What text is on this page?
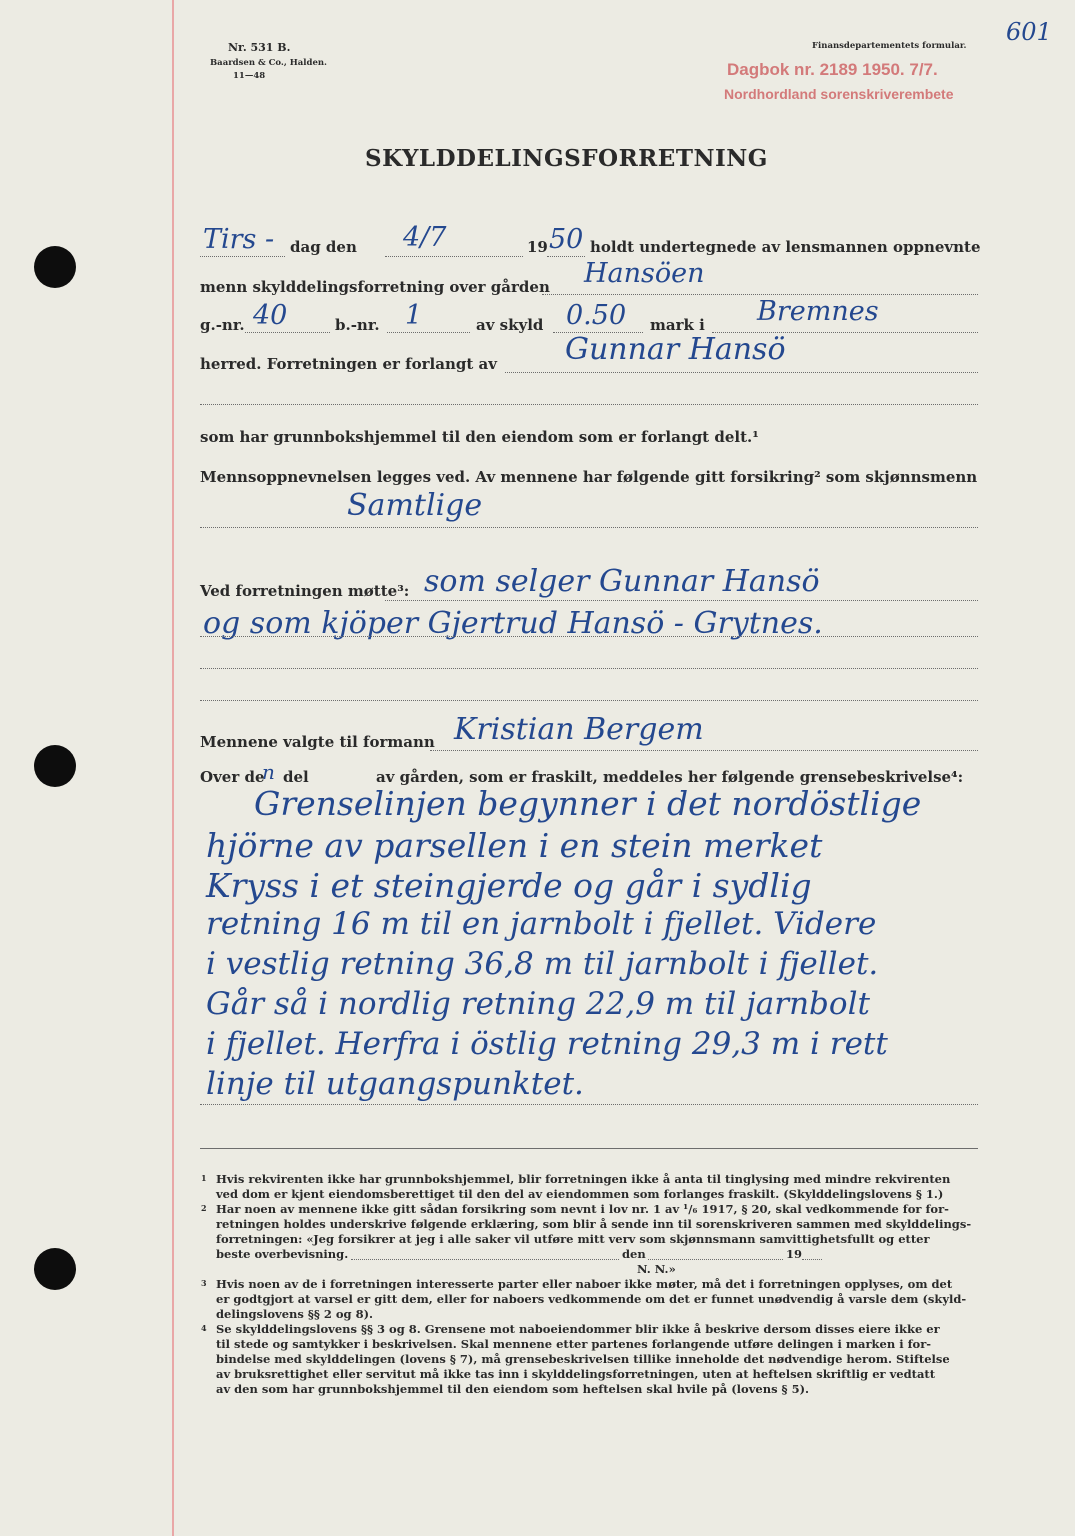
Nr. 531 B.
Baardsen & Co., Halden.
11—48
Finansdepartementets formular.
Dagbok nr. 2189 1950. 7/7.
Nordhordland sorenskriverembete
601
SKYLDDELINGSFORRETNING
Tirs - dag den 4/7	19 50 holdt undertegnede av lensmannen oppnevnte
menn skylddelingsforretning over gården Hansöen
g.-nr. 40	b.-nr. 1	av skyld 0.50 mark i Bremnes
herred. Forretningen er forlangt av Gunnar Hansö
som har grunnbokshjemmel til den eiendom som er forlangt delt.¹
Mennsoppnevnelsen legges ved. Av mennene har følgende gitt forsikring² som skjønnsmenn
Samtlige
Ved forretningen møtte³: som selger Gunnar Hansö
og som kjöper Gjertrud Hansö - Grytnes.
Mennene valgte til formann Kristian Bergem
Over de
n del	av gården, som er fraskilt, meddeles her følgende grensebeskrivelse⁴:
Grenselinjen begynner i det nordöstlige
hjörne av parsellen i en stein merket
Kryss i et steingjerde og går i sydlig
retning 16 m til en jarnbolt i fjellet. Videre
i vestlig retning 36,8 m til jarnbolt i fjellet.
Går så i nordlig retning 22,9 m til jarnbolt
i fjellet. Herfra i östlig retning 29,3 m i rett
linje til utgangspunktet.
1 Hvis rekvirenten ikke har grunnbokshjemmel, blir forretningen ikke å anta til tinglysing med mindre rekvirenten
ved dom er kjent eiendomsberettiget til den del av eiendommen som forlanges fraskilt. (Skylddelingslovens § 1.)
2 Har noen av mennene ikke gitt sådan forsikring som nevnt i lov nr. 1 av ¹/₆ 1917, § 20, skal vedkommende for for-
retningen holdes underskrive følgende erklæring, som blir å sende inn til sorenskriveren sammen med skylddelings-
forretningen: «Jeg forsikrer at jeg i alle saker vil utføre mitt verv som skjønnsmann samvittighetsfullt og etter
beste overbevisning.	den	19
N. N.»
3 Hvis noen av de i forretningen interesserte parter eller naboer ikke møter, må det i forretningen opplyses, om det
er godtgjort at varsel er gitt dem, eller for naboers vedkommende om det er funnet unødvendig å varsle dem (skyld-
delingslovens §§ 2 og 8).
4 Se skylddelingslovens §§ 3 og 8. Grensene mot naboeiendommer blir ikke å beskrive dersom disses eiere ikke er
til stede og samtykker i beskrivelsen. Skal mennene etter partenes forlangende utføre delingen i marken i for-
bindelse med skylddelingen (lovens § 7), må grensebeskrivelsen tillike inneholde det nødvendige herom. Stiftelse
av bruksrettighet eller servitut må ikke tas inn i skylddelingsforretningen, uten at heftelsen skriftlig er vedtatt
av den som har grunnbokshjemmel til den eiendom som heftelsen skal hvile på (lovens § 5).
